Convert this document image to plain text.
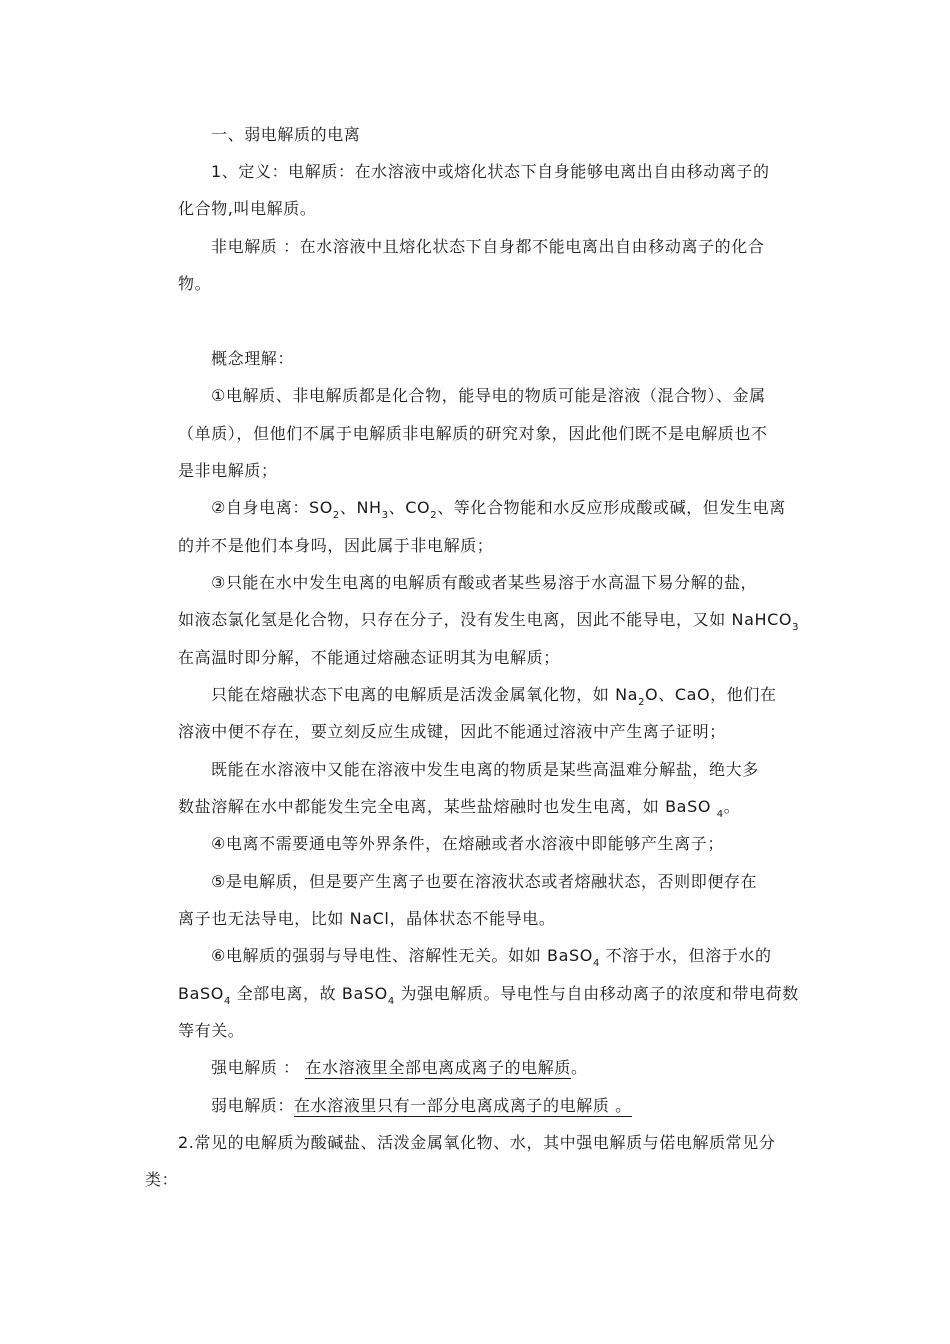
一、弱电解质的电离
1、定义：电解质：在水溶液中或熔化状态下自身能够电离出自由移动离子的
化合物,叫电解质。
非电解质 ：在水溶液中且熔化状态下自身都不能电离出自由移动离子的化合
物。
概念理解：
①电解质、非电解质都是化合物，能导电的物质可能是溶液（混合物）、金属
（单质），但他们不属于电解质非电解质的研究对象，因此他们既不是电解质也不
是非电解质；
②自身电离：$SO_2$、$NH_3$、$CO_2$、等化合物能和水反应形成酸或碱，但发生电离
的并不是他们本身吗，因此属于非电解质；
③只能在水中发生电离的电解质有酸或者某些易溶于水高温下易分解的盐，
如液态氯化氢是化合物，只存在分子，没有发生电离，因此不能导电，又如 NaHCO$_3$
在高温时即分解，不能通过熔融态证明其为电解质；
只能在熔融状态下电离的电解质是活泼金属氧化物，如 $Na_2O$、CaO，他们在
溶液中便不存在，要立刻反应生成键，因此不能通过溶液中产生离子证明；
既能在水溶液中又能在溶液中发生电离的物质是某些高温难分解盐，绝大多
数盐溶解在水中都能发生完全电离，某些盐熔融时也发生电离，如 BaSO $_4$。
④电离不需要通电等外界条件，在熔融或者水溶液中即能够产生离子；
⑤是电解质，但是要产生离子也要在溶液状态或者熔融状态，否则即便存在
离子也无法导电，比如 NaCl，晶体状态不能导电。
⑥电解质的强弱与导电性、溶解性无关。如如 BaSO$_4$ 不溶于水，但溶于水的
BaSO$_4$ 全部电离，故 BaSO$_4$ 为强电解质。导电性与自由移动离子的浓度和带电荷数
等有关。
强电解质 ： 在水溶液里全部电离成离子的电解质。
弱电解质：在水溶液里只有一部分电离成离子的电解质 。
2.常见的电解质为酸碱盐、活泼金属氧化物、水，其中强电解质与偌电解质常见分
类：
